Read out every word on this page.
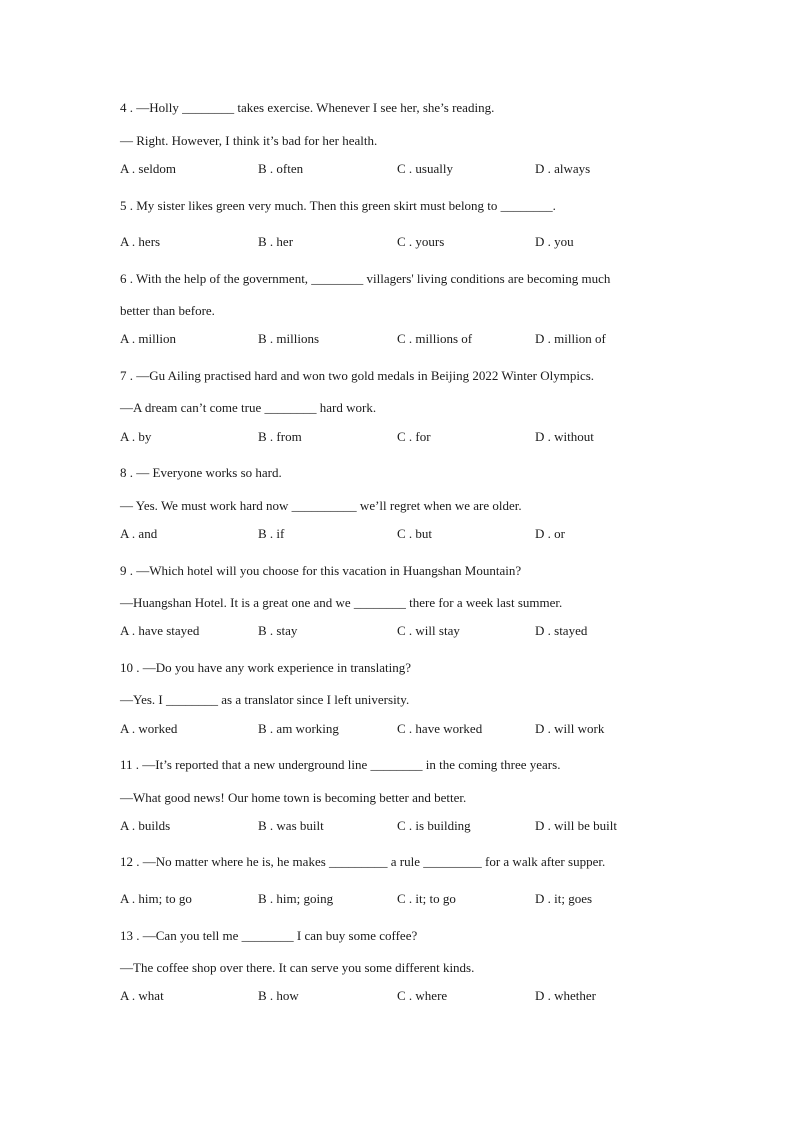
4 . —Holly ________ takes exercise. Whenever I see her, she’s reading.
— Right. However, I think it’s bad for her health.
A . seldom	B . often	C . usually	D . always
5 . My sister likes green very much. Then this green skirt must belong to ________.
A . hers	B . her	C . yours	D . you
6 . With the help of the government, ________ villagers' living conditions are becoming much
better than before.
A . million	B . millions	C . millions of	D . million of
7 . —Gu Ailing practised hard and won two gold medals in Beijing 2022 Winter Olympics.
—A dream can’t come true ________ hard work.
A . by	B . from	C . for	D . without
8 . — Everyone works so hard.
— Yes. We must work hard now __________ we’ll regret when we are older.
A . and	B . if	C . but	D . or
9 . —Which hotel will you choose for this vacation in Huangshan Mountain?
—Huangshan Hotel. It is a great one and we ________ there for a week last summer.
A . have stayed	B . stay	C . will stay	D . stayed
10 . —Do you have any work experience in translating?
—Yes. I ________ as a translator since I left university.
A . worked	B . am working	C . have worked	D . will work
11 . —It’s reported that a new underground line ________ in the coming three years.
—What good news! Our home town is becoming better and better.
A . builds	B . was built	C . is building	D . will be built
12 . —No matter where he is, he makes _________ a rule _________ for a walk after supper.
A . him; to go	B . him; going	C . it; to go	D . it; goes
13 . —Can you tell me ________ I can buy some coffee?
—The coffee shop over there. It can serve you some different kinds.
A . what	B . how	C . where	D . whether
